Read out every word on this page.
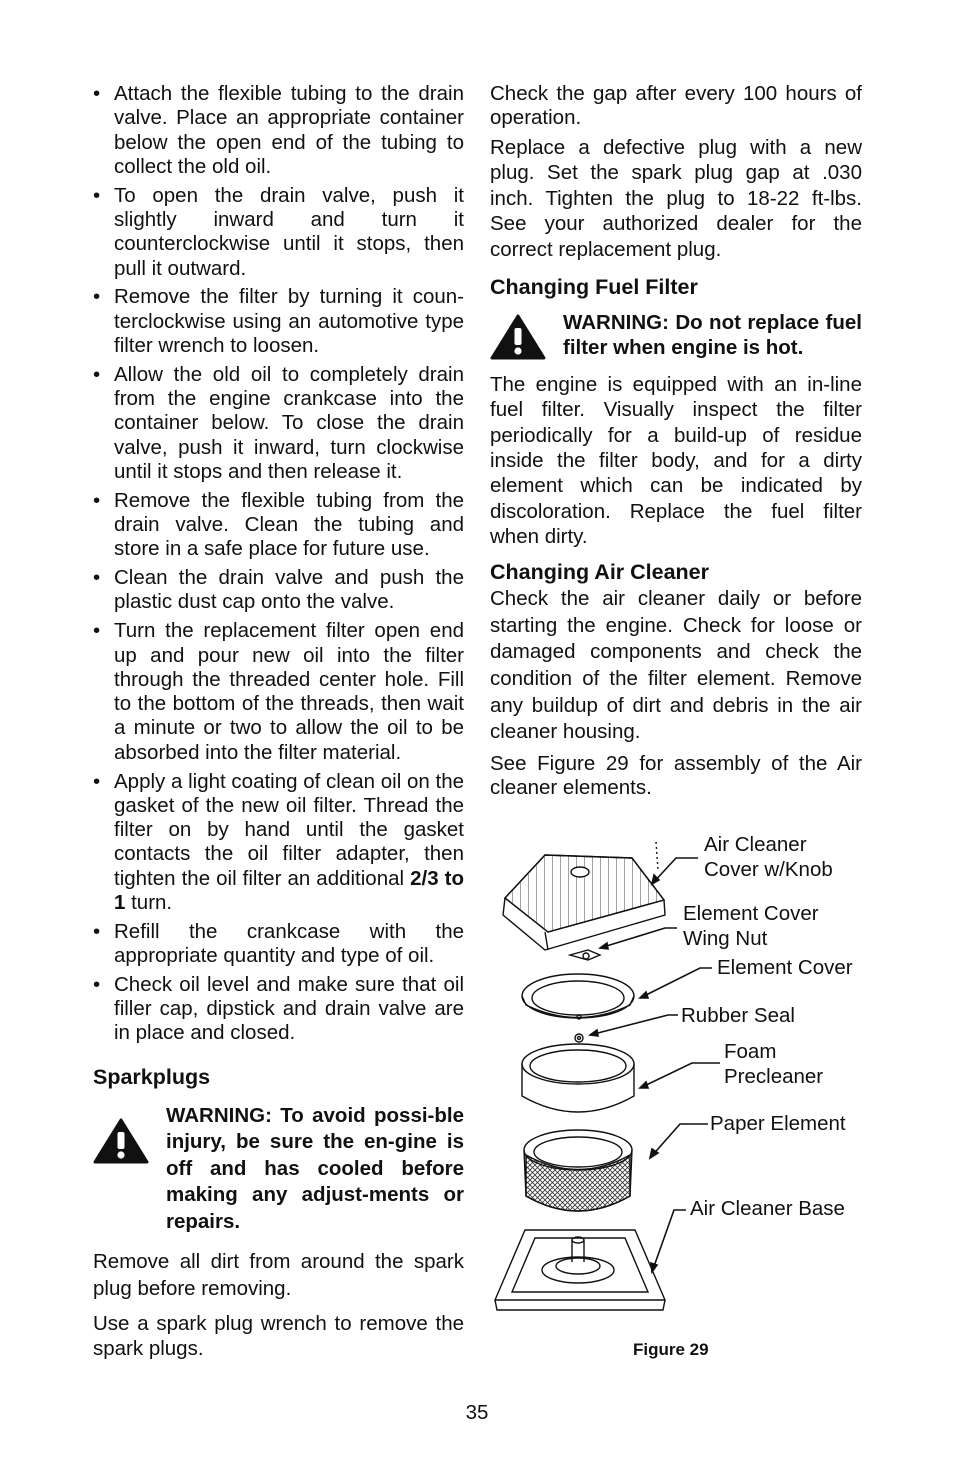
• Attach the flexible tubing to the drain valve. Place an appropriate container below the open end of the tubing to collect the old oil.
• To open the drain valve, push it slightly inward and turn it counterclockwise until it stops, then pull it outward.
• Remove the filter by turning it coun-terclockwise using an automotive type filter wrench to loosen.
• Allow the old oil to completely drain from the engine crankcase into the container below. To close the drain valve, push it inward, turn clockwise until it stops and then release it.
• Remove the flexible tubing from the drain valve. Clean the tubing and store in a safe place for future use.
• Clean the drain valve and push the plastic dust cap onto the valve.
• Turn the replacement filter open end up and pour new oil into the filter through the threaded center hole. Fill to the bottom of the threads, then wait a minute or two to allow the oil to be absorbed into the filter material.
• Apply a light coating of clean oil on the gasket of the new oil filter. Thread the filter on by hand until the gasket contacts the oil filter adapter, then tighten the oil filter an additional 2/3 to 1 turn.
• Refill the crankcase with the appropriate quantity and type of oil.
• Check oil level and make sure that oil filler cap, dipstick and drain valve are in place and closed.
Sparkplugs
WARNING: To avoid possi-ble injury, be sure the en-gine is off and has cooled before making any adjust-ments or repairs.

Remove all dirt from around the spark plug before removing.

Use a spark plug wrench to remove the spark plugs.

Check the gap after every 100 hours of operation.

Replace a defective plug with a new plug. Set the spark plug gap at .030 inch. Tighten the plug to 18-22 ft-lbs. See your authorized dealer for the correct replacement plug.

Changing Fuel Filter
WARNING: Do not replace fuel filter when engine is hot.

The engine is equipped with an in-line fuel filter. Visually inspect the filter periodically for a build-up of residue inside the filter body, and for a dirty element which can be indicated by discoloration. Replace the fuel filter when dirty.

Changing Air Cleaner

Check the air cleaner daily or before starting the engine. Check for loose or damaged components and check the condition of the filter element. Remove any buildup of dirt and debris in the air cleaner housing.

See Figure 29 for assembly of the Air cleaner elements.

Air Cleaner
Cover w/Knob
Element Cover
Wing Nut
Element Cover
Rubber Seal
Foam
Precleaner
Paper Element
Air Cleaner Base
Figure 29
35
